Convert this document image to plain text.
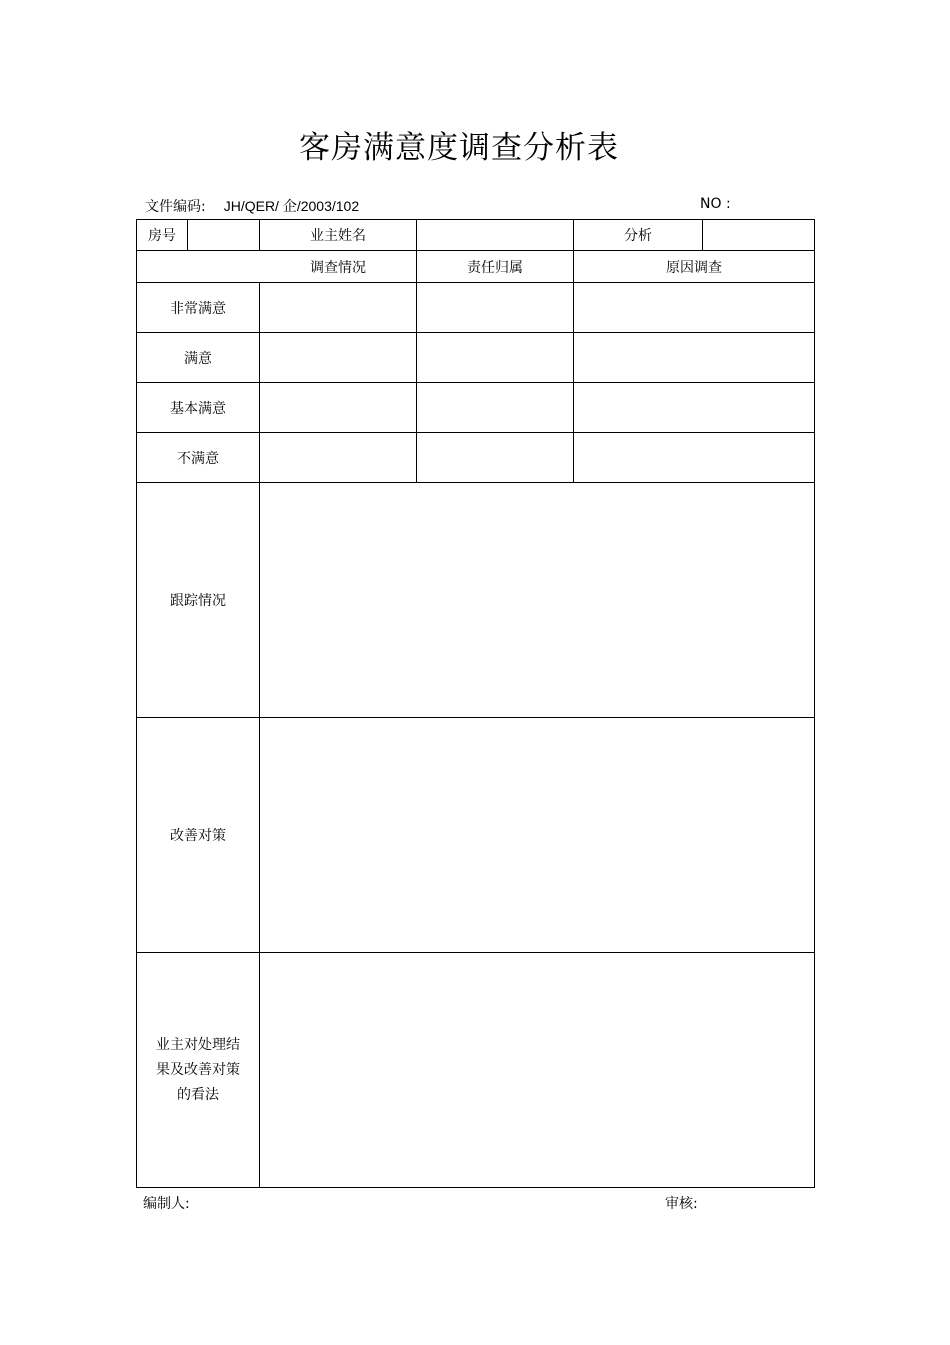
客房满意度调查分析表
文件编码: JH/QER/ 企/2003/102	NO :
房号		业主姓名		分析	
调查情况			责任归属	原因调查	
非常满意					
满意					
基本满意					
不满意					
跟踪情况					
改善对策					

业主对处理结
果及改善对策
的看法					

编制人:	审核:
